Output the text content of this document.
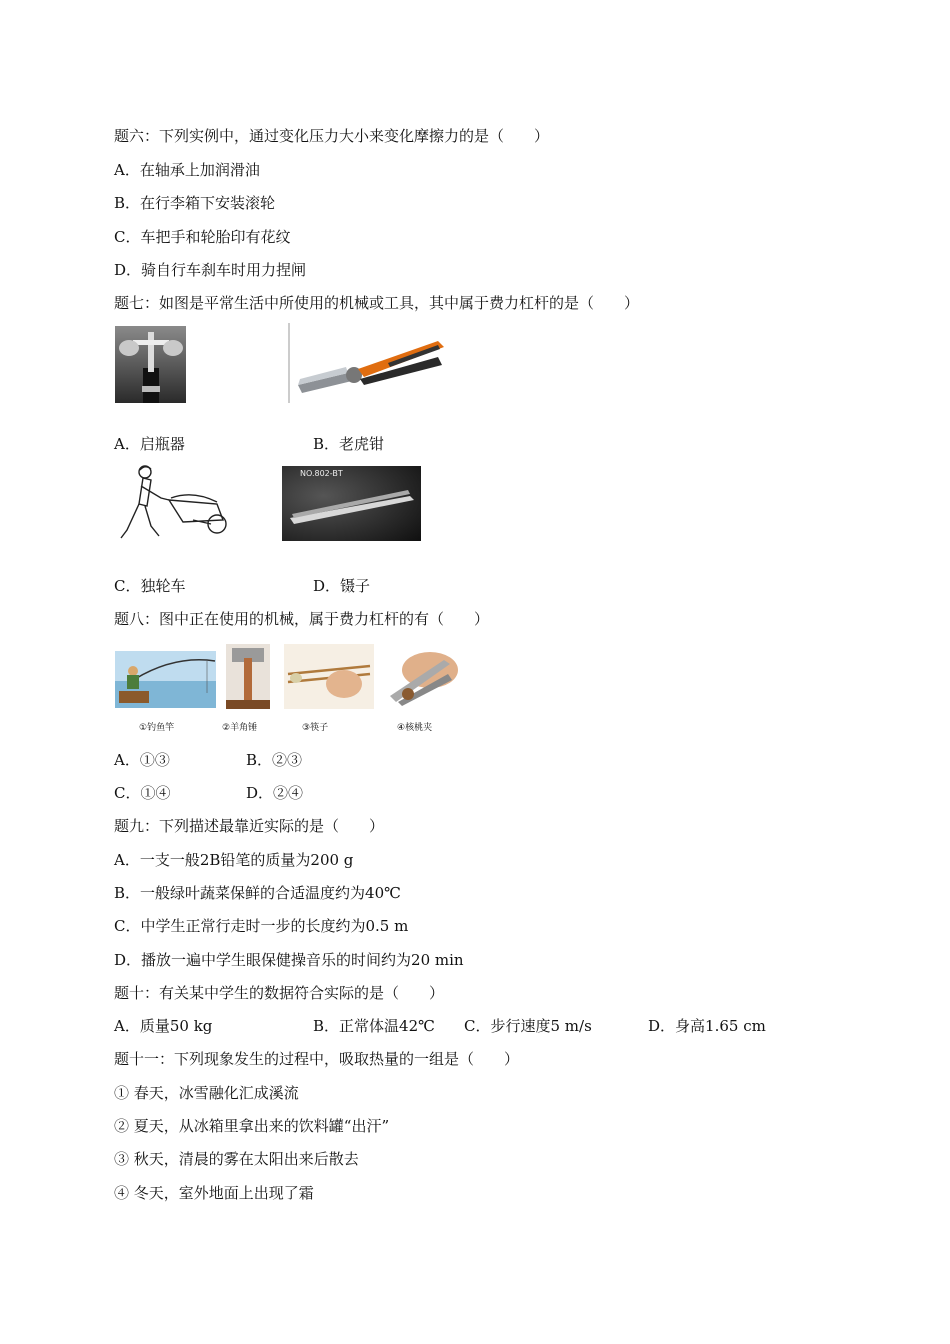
题六：下列实例中，通过变化压力大小来变化摩擦力的是（　　）
A．在轴承上加润滑油
B．在行李箱下安装滚轮
C．车把手和轮胎印有花纹
D．骑自行车刹车时用力捏闸
题七：如图是平常生活中所使用的机械或工具，其中属于费力杠杆的是（　　）
A．启瓶器	B．老虎钳
NO.802-BT
C．独轮车	D．镊子
题八：图中正在使用的机械，属于费力杠杆的有（　　）
①钓鱼竿	②羊角锤	③筷子	④核桃夹
A．①③	B．②③
C．①④	D．②④
题九：下列描述最靠近实际的是（　　）
A．一支一般2B铅笔的质量为200 g
B．一般绿叶蔬菜保鲜的合适温度约为40℃
C．中学生正常行走时一步的长度约为0.5 m
D．播放一遍中学生眼保健操音乐的时间约为20 min
题十：有关某中学生的数据符合实际的是（　　）
A．质量50 kg	B．正常体温42℃ C．步行速度5 m/s	D．身高1.65 cm
题十一：下列现象发生的过程中，吸取热量的一组是（　　）
① 春天，冰雪融化汇成溪流
② 夏天，从冰箱里拿出来的饮料罐“出汗”
③ 秋天，清晨的雾在太阳出来后散去
④ 冬天，室外地面上出现了霜
